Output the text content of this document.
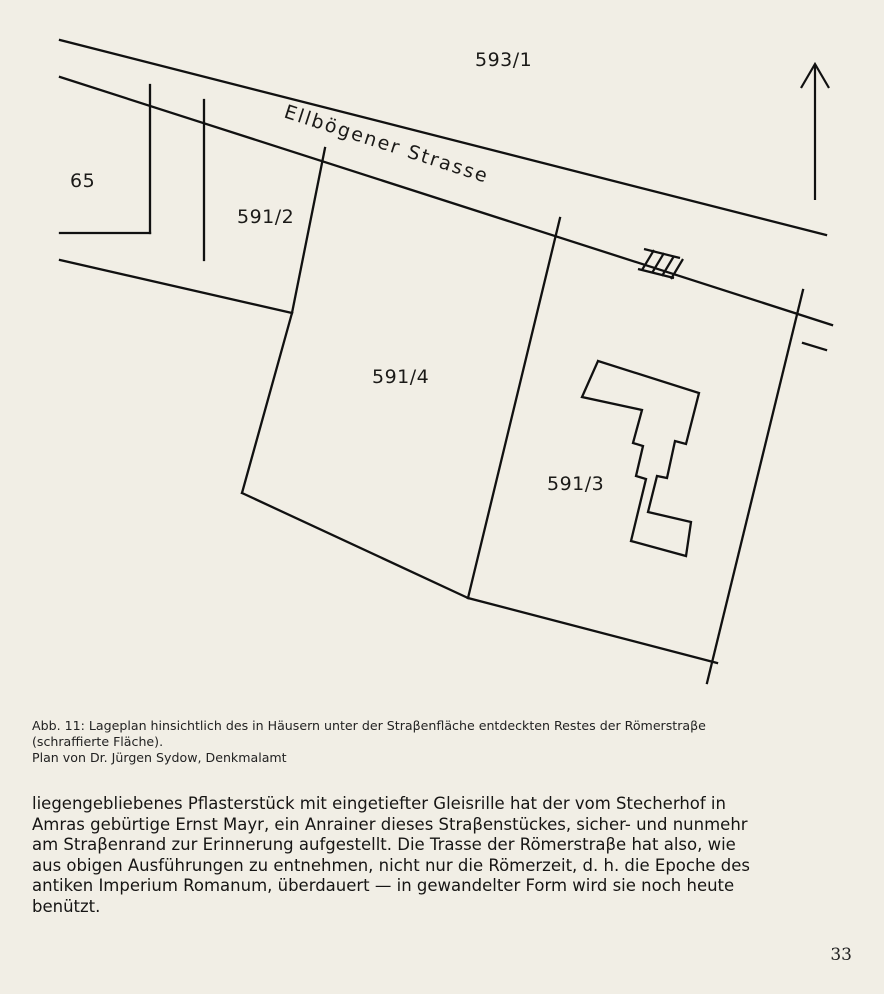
593/1
65
591/2
591/4
591/3
Ellbögener Strasse
Abb. 11: Lageplan hinsichtlich des in Häusern unter der Straβenfläche entdeckten Restes der Römerstraβe
(schraffierte Fläche).
Plan von Dr. Jürgen Sydow, Denkmalamt
liegengebliebenes Pflasterstück mit eingetiefter Gleisrille hat der vom Stecherhof in
Amras gebürtige Ernst Mayr, ein Anrainer dieses Straβenstückes, sicher- und nunmehr
am Straβenrand zur Erinnerung aufgestellt. Die Trasse der Römerstraβe hat also, wie
aus obigen Ausführungen zu entnehmen, nicht nur die Römerzeit, d. h. die Epoche des
antiken Imperium Romanum, überdauert — in gewandelter Form wird sie noch heute
benützt.
33
